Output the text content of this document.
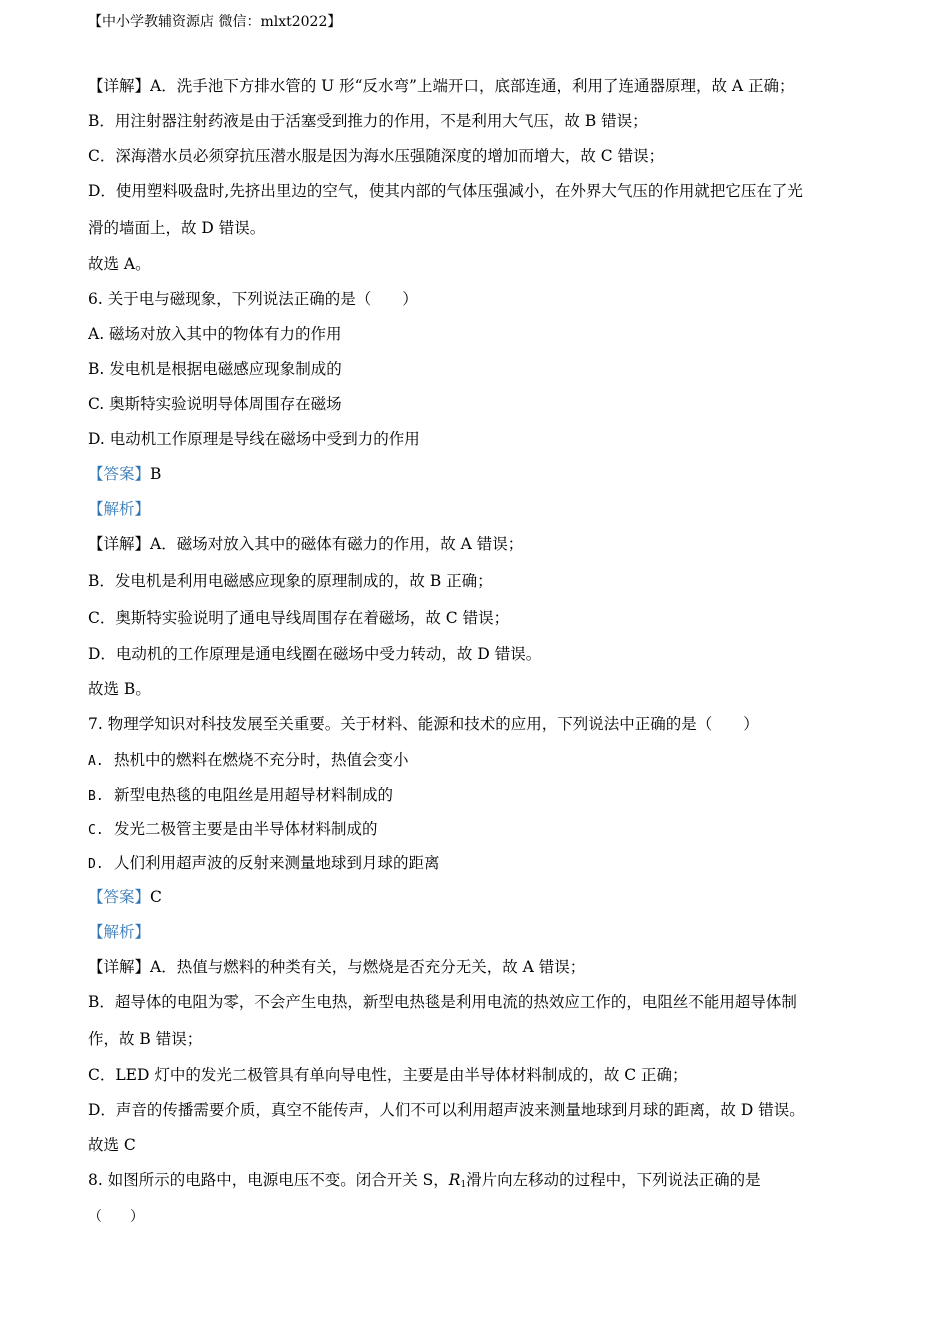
【中小学教辅资源店 微信：mlxt2022】
【详解】A．洗手池下方排水管的 U 形“反水弯”上端开口，底部连通，利用了连通器原理，故 A 正确；
B．用注射器注射药液是由于活塞受到推力的作用，不是利用大气压，故 B 错误；
C．深海潜水员必须穿抗压潜水服是因为海水压强随深度的增加而增大，故 C 错误；
D．使用塑料吸盘时,先挤出里边的空气，使其内部的气体压强减小，在外界大气压的作用就把它压在了光
滑的墙面上，故 D 错误。
故选 A。
6. 关于电与磁现象，下列说法正确的是（　　）
A. 磁场对放入其中的物体有力的作用
B. 发电机是根据电磁感应现象制成的
C. 奥斯特实验说明导体周围存在磁场
D. 电动机工作原理是导线在磁场中受到力的作用
【答案】B
【解析】
【详解】A．磁场对放入其中的磁体有磁力的作用，故 A 错误；
B．发电机是利用电磁感应现象的原理制成的，故 B 正确；
C．奥斯特实验说明了通电导线周围存在着磁场，故 C 错误；
D．电动机的工作原理是通电线圈在磁场中受力转动，故 D 错误。
故选 B。
7. 物理学知识对科技发展至关重要。关于材料、能源和技术的应用，下列说法中正确的是（　　）
A. 热机中的燃料在燃烧不充分时，热值会变小
B. 新型电热毯的电阻丝是用超导材料制成的
C. 发光二极管主要是由半导体材料制成的
D. 人们利用超声波的反射来测量地球到月球的距离
【答案】C
【解析】
【详解】A．热值与燃料的种类有关，与燃烧是否充分无关，故 A 错误；
B．超导体的电阻为零，不会产生电热，新型电热毯是利用电流的热效应工作的，电阻丝不能用超导体制
作，故 B 错误；
C．LED 灯中的发光二极管具有单向导电性，主要是由半导体材料制成的，故 C 正确；
D．声音的传播需要介质，真空不能传声，人们不可以利用超声波来测量地球到月球的距离，故 D 错误。
故选 C
8. 如图所示的电路中，电源电压不变。闭合开关 S，$R_1$滑片向左移动的过程中，下列说法正确的是
（　　）
